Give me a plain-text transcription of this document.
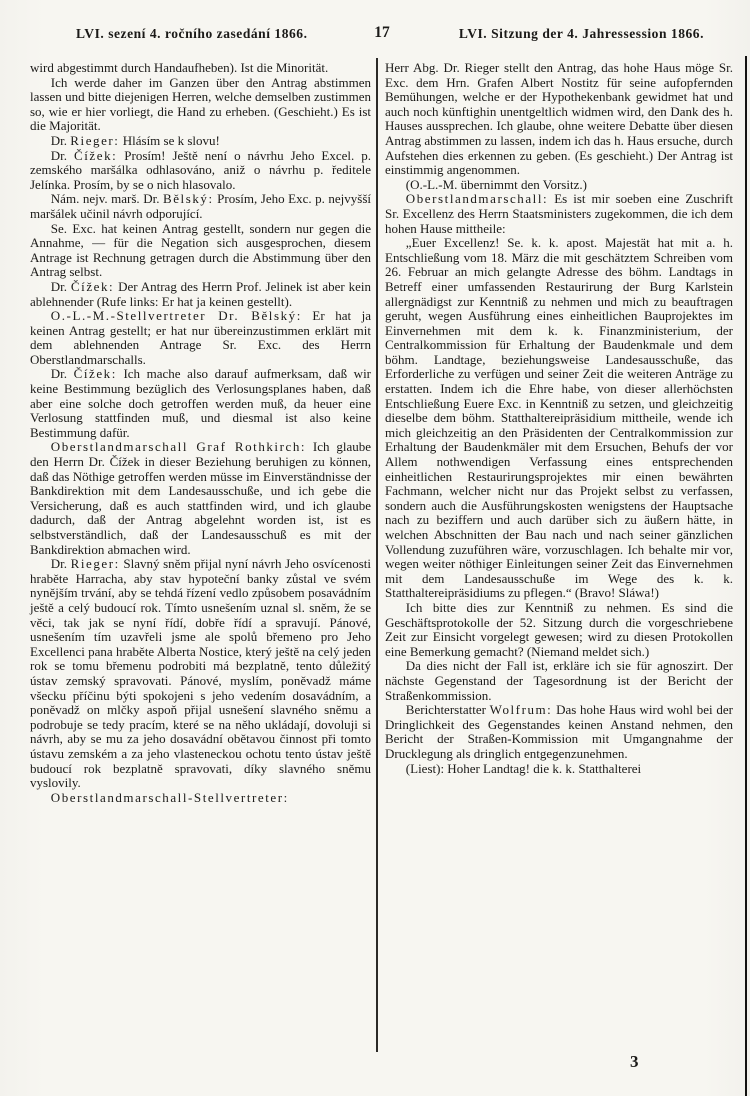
LVI. sezení 4. ročního zasedání 1866.	17	LVI. Sitzung der 4. Jahressession 1866.

wird abgestimmt durch Handaufheben). Ist die Minorität.

Ich werde daher im Ganzen über den Antrag abstimmen lassen und bitte diejenigen Herren, welche demselben zustimmen so, wie er hier vorliegt, die Hand zu erheben. (Geschieht.) Es ist die Majorität.

Dr. Rieger: Hlásím se k slovu!

Dr. Čížek: Prosím! Ještě není o návrhu Jeho Excel. p. zemského maršálka odhlasováno, aniž o návrhu p. ředitele Jelínka. Prosím, by se o nich hlasovalo.

Nám. nejv. marš. Dr. Bělský: Prosím, Jeho Exc. p. nejvyšší maršálek učinil návrh odporující.

Se. Exc. hat keinen Antrag gestellt, sondern nur gegen die Annahme, — für die Negation sich ausgesprochen, diesem Antrage ist Rechnung getragen durch die Abstimmung über den Antrag selbst.

Dr. Čížek: Der Antrag des Herrn Prof. Jelinek ist aber kein ablehnender (Rufe links: Er hat ja keinen gestellt).

O.-L.-M.-Stellvertreter Dr. Bělský: Er hat ja keinen Antrag gestellt; er hat nur übereinzustimmen erklärt mit dem ablehnenden Antrage Sr. Exc. des Herrn Oberstlandmarschalls.

Dr. Čížek: Ich mache also darauf aufmerksam, daß wir keine Bestimmung bezüglich des Verlosungsplanes haben, daß aber eine solche doch getroffen werden muß, da heuer eine Verlosung stattfinden muß, und diesmal ist also keine Bestimmung dafür.

Oberstlandmarschall Graf Rothkirch: Ich glaube den Herrn Dr. Čížek in dieser Beziehung beruhigen zu können, daß das Nöthige getroffen werden müsse im Einverständnisse der Bankdirektion mit dem Landesausschuße, und ich gebe die Versicherung, daß es auch stattfinden wird, und ich glaube dadurch, daß der Antrag abgelehnt worden ist, ist es selbstverständlich, daß der Landesausschuß es mit der Bankdirektion abmachen wird.

Dr. Rieger: Slavný sněm přijal nyní návrh Jeho osvícenosti hraběte Harracha, aby stav hypoteční banky zůstal ve svém nynějším trvání, aby se tehdá řízení vedlo způsobem posavádním ještě a celý budoucí rok. Tímto usnešením uznal sl. sněm, že se věci, tak jak se nyní řídí, dobře řídí a spravují. Pánové, usnešením tím uzavřeli jsme ale spolů břemeno pro Jeho Excellenci pana hraběte Alberta Nostice, který ještě na celý jeden rok se tomu břemenu podrobiti má bezplatně, tento důležitý ústav zemský spravovati. Pánové, myslím, poněvadž máme všecku příčinu býti spokojeni s jeho vedením dosavádním, a poněvadž on mlčky aspoň přijal usnešení slavného sněmu a podrobuje se tedy pracím, které se na něho ukládají, dovoluji si návrh, aby se mu za jeho dosavádní obětavou činnost při tomto ústavu zemském a za jeho vlasteneckou ochotu tento ústav ještě budoucí rok bezplatně spravovati, díky slavného sněmu vyslovily.

Oberstlandmarschall-Stellvertreter:

Herr Abg. Dr. Rieger stellt den Antrag, das hohe Haus möge Sr. Exc. dem Hrn. Grafen Albert Nostitz für seine aufopfernden Bemühungen, welche er der Hypothekenbank gewidmet hat und auch noch künftighin unentgeltlich widmen wird, den Dank des h. Hauses aussprechen. Ich glaube, ohne weitere Debatte über diesen Antrag abstimmen zu lassen, indem ich das h. Haus ersuche, durch Aufstehen dies erkennen zu geben. (Es geschieht.) Der Antrag ist einstimmig angenommen.

(O.-L.-M. übernimmt den Vorsitz.)

Oberstlandmarschall: Es ist mir soeben eine Zuschrift Sr. Excellenz des Herrn Staatsministers zugekommen, die ich dem hohen Hause mittheile:

„Euer Excellenz! Se. k. k. apost. Majestät hat mit a. h. Entschließung vom 18. März die mit geschätztem Schreiben vom 26. Februar an mich gelangte Adresse des böhm. Landtags in Betreff einer umfassenden Restaurirung der Burg Karlstein allergnädigst zur Kenntniß zu nehmen und mich zu beauftragen geruht, wegen Ausführung eines einheitlichen Bauprojektes im Einvernehmen mit dem k. k. Finanzministerium, der Centralkommission für Erhaltung der Baudenkmale und dem böhm. Landtage, beziehungsweise Landesausschuße, das Erforderliche zu verfügen und seiner Zeit die weiteren Anträge zu erstatten. Indem ich die Ehre habe, von dieser allerhöchsten Entschließung Euere Exc. in Kenntniß zu setzen, und gleichzeitig dieselbe dem böhm. Statthaltereipräsidium mittheile, wende ich mich gleichzeitig an den Präsidenten der Centralkommission zur Erhaltung der Baudenkmäler mit dem Ersuchen, Behufs der vor Allem nothwendigen Verfassung eines entsprechenden einheitlichen Restaurirungsprojektes mir einen bewährten Fachmann, welcher nicht nur das Projekt selbst zu verfassen, sondern auch die Ausführungskosten wenigstens der Hauptsache nach zu beziffern und auch darüber sich zu äußern hätte, in welchen Abschnitten der Bau nach und nach seiner gänzlichen Vollendung zuzuführen wäre, vorzuschlagen. Ich behalte mir vor, wegen weiter nöthiger Einleitungen seiner Zeit das Einvernehmen mit dem Landesausschuße im Wege des k. k. Statthaltereipräsidiums zu pflegen.“ (Bravo! Sláwa!)

Ich bitte dies zur Kenntniß zu nehmen. Es sind die Geschäftsprotokolle der 52. Sitzung durch die vorgeschriebene Zeit zur Einsicht vorgelegt gewesen; wird zu diesen Protokollen eine Bemerkung gemacht? (Niemand meldet sich.)

Da dies nicht der Fall ist, erkläre ich sie für agnoszirt. Der nächste Gegenstand der Tagesordnung ist der Bericht der Straßenkommission.

Berichterstatter Wolfrum: Das hohe Haus wird wohl bei der Dringlichkeit des Gegenstandes keinen Anstand nehmen, den Bericht der Straßen-Kommission mit Umgangnahme der Drucklegung als dringlich entgegenzunehmen.

(Liest): Hoher Landtag! die k. k. Statthalterei

3
